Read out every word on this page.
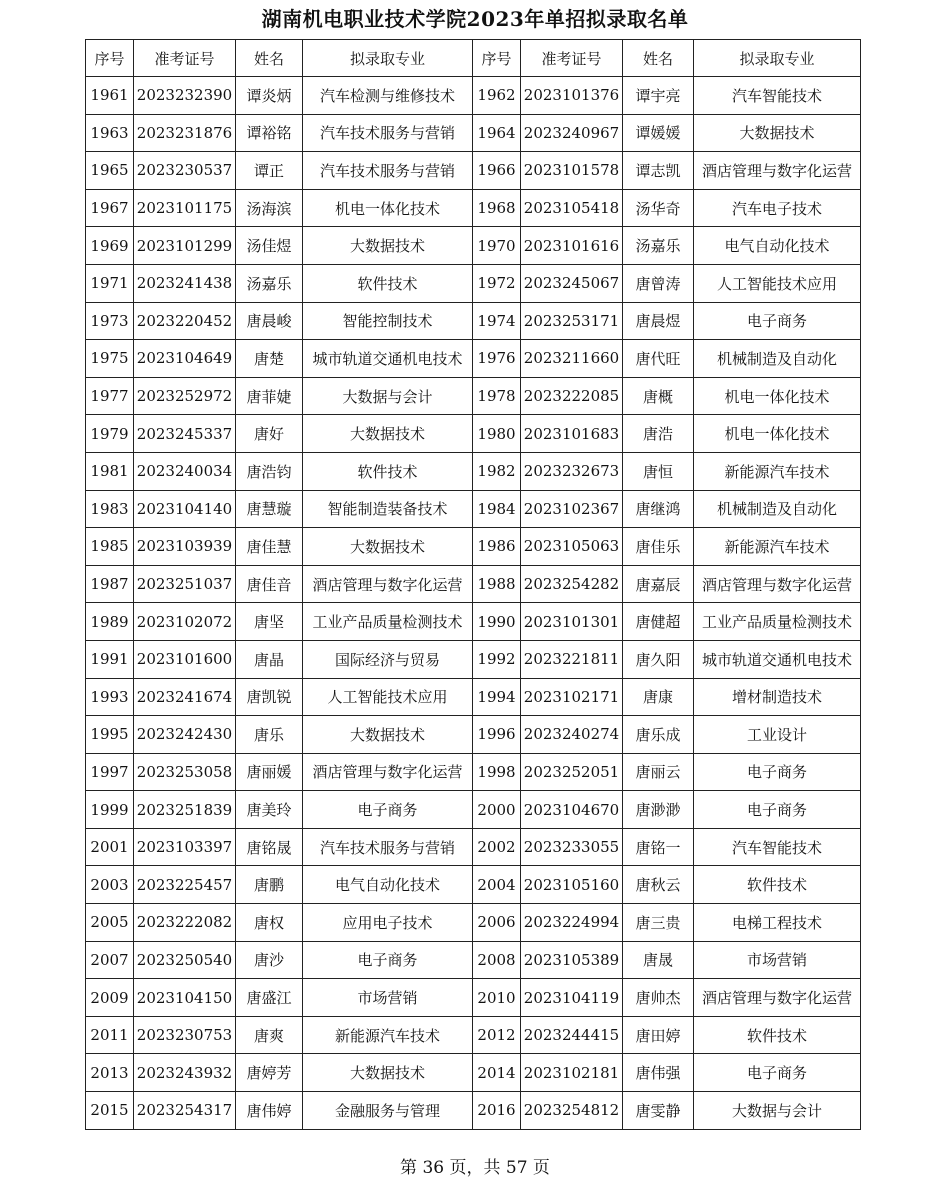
湖南机电职业技术学院2023年单招拟录取名单
序号	准考证号	姓名	拟录取专业	序号	准考证号	姓名	拟录取专业
1961	2023232390	谭炎炳	汽车检测与维修技术	1962	2023101376	谭宇亮	汽车智能技术
1963	2023231876	谭裕铭	汽车技术服务与营销	1964	2023240967	谭媛媛	大数据技术
1965	2023230537	谭正	汽车技术服务与营销	1966	2023101578	谭志凯	酒店管理与数字化运营
1967	2023101175	汤海滨	机电一体化技术	1968	2023105418	汤华奇	汽车电子技术
1969	2023101299	汤佳煜	大数据技术	1970	2023101616	汤嘉乐	电气自动化技术
1971	2023241438	汤嘉乐	软件技术	1972	2023245067	唐曾涛	人工智能技术应用
1973	2023220452	唐晨峻	智能控制技术	1974	2023253171	唐晨煜	电子商务
1975	2023104649	唐楚	城市轨道交通机电技术	1976	2023211660	唐代旺	机械制造及自动化
1977	2023252972	唐菲婕	大数据与会计	1978	2023222085	唐概	机电一体化技术
1979	2023245337	唐好	大数据技术	1980	2023101683	唐浩	机电一体化技术
1981	2023240034	唐浩钧	软件技术	1982	2023232673	唐恒	新能源汽车技术
1983	2023104140	唐慧璇	智能制造装备技术	1984	2023102367	唐继鸿	机械制造及自动化
1985	2023103939	唐佳慧	大数据技术	1986	2023105063	唐佳乐	新能源汽车技术
1987	2023251037	唐佳音	酒店管理与数字化运营	1988	2023254282	唐嘉辰	酒店管理与数字化运营
1989	2023102072	唐坚	工业产品质量检测技术	1990	2023101301	唐健超	工业产品质量检测技术
1991	2023101600	唐晶	国际经济与贸易	1992	2023221811	唐久阳	城市轨道交通机电技术
1993	2023241674	唐凯锐	人工智能技术应用	1994	2023102171	唐康	增材制造技术
1995	2023242430	唐乐	大数据技术	1996	2023240274	唐乐成	工业设计
1997	2023253058	唐丽媛	酒店管理与数字化运营	1998	2023252051	唐丽云	电子商务
1999	2023251839	唐美玲	电子商务	2000	2023104670	唐渺渺	电子商务
2001	2023103397	唐铭晟	汽车技术服务与营销	2002	2023233055	唐铭一	汽车智能技术
2003	2023225457	唐鹏	电气自动化技术	2004	2023105160	唐秋云	软件技术
2005	2023222082	唐权	应用电子技术	2006	2023224994	唐三贵	电梯工程技术
2007	2023250540	唐沙	电子商务	2008	2023105389	唐晟	市场营销
2009	2023104150	唐盛江	市场营销	2010	2023104119	唐帅杰	酒店管理与数字化运营
2011	2023230753	唐爽	新能源汽车技术	2012	2023244415	唐田婷	软件技术
2013	2023243932	唐婷芳	大数据技术	2014	2023102181	唐伟强	电子商务
2015	2023254317	唐伟婷	金融服务与管理	2016	2023254812	唐雯静	大数据与会计
第 36 页，共 57 页
